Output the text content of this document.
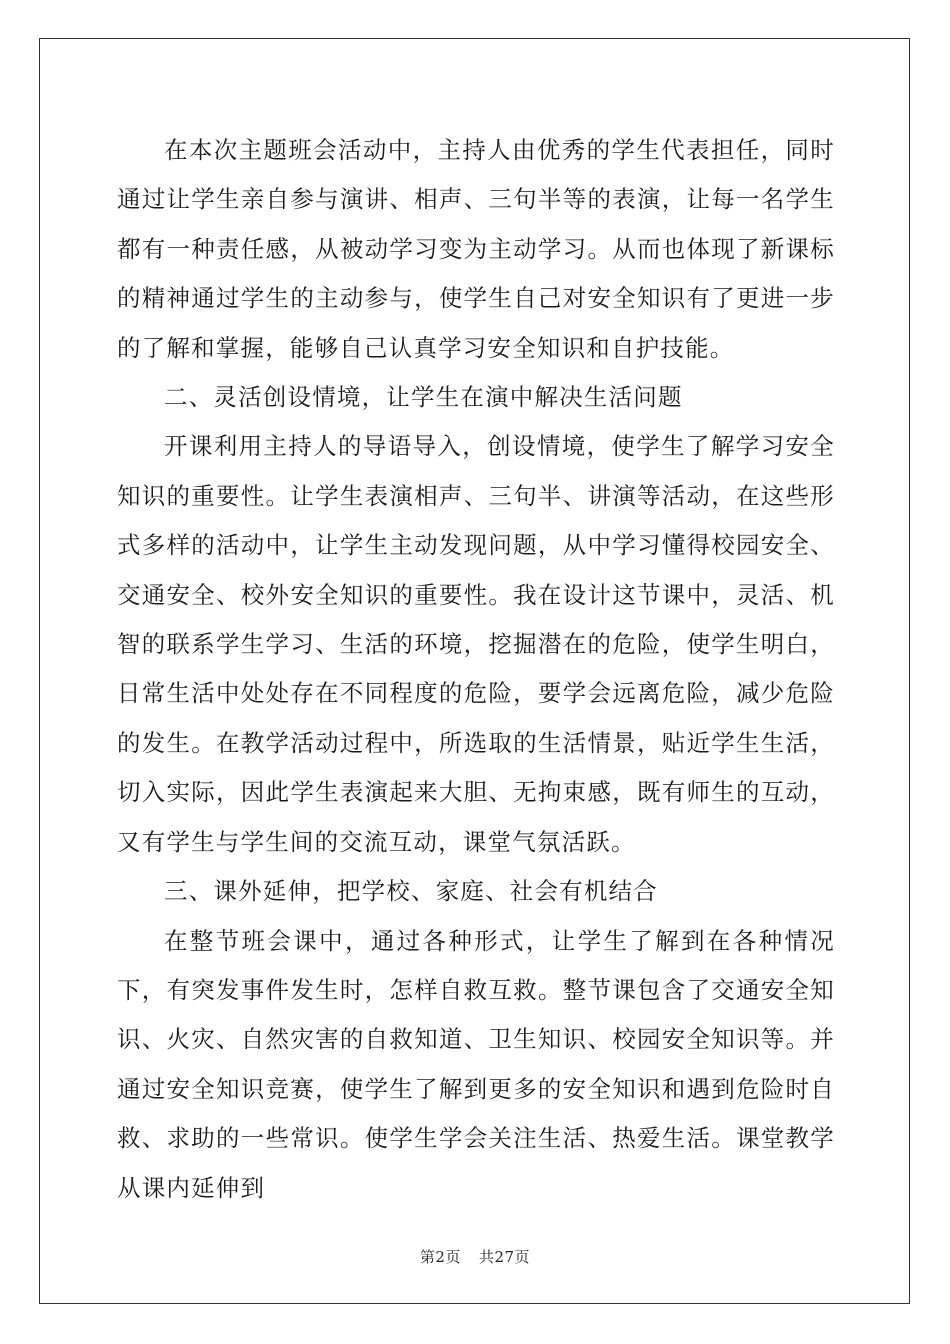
在本次主题班会活动中，主持人由优秀的学生代表担任，同时通过让学生亲自参与演讲、相声、三句半等的表演，让每一名学生都有一种责任感，从被动学习变为主动学习。从而也体现了新课标的精神通过学生的主动参与，使学生自己对安全知识有了更进一步的了解和掌握，能够自己认真学习安全知识和自护技能。

二、灵活创设情境，让学生在演中解决生活问题

开课利用主持人的导语导入，创设情境，使学生了解学习安全知识的重要性。让学生表演相声、三句半、讲演等活动，在这些形式多样的活动中，让学生主动发现问题，从中学习懂得校园安全、交通安全、校外安全知识的重要性。我在设计这节课中，灵活、机智的联系学生学习、生活的环境，挖掘潜在的危险，使学生明白，日常生活中处处存在不同程度的危险，要学会远离危险，减少危险的发生。在教学活动过程中，所选取的生活情景，贴近学生生活，切入实际，因此学生表演起来大胆、无拘束感，既有师生的互动，又有学生与学生间的交流互动，课堂气氛活跃。

三、课外延伸，把学校、家庭、社会有机结合

在整节班会课中，通过各种形式，让学生了解到在各种情况下，有突发事件发生时，怎样自救互救。整节课包含了交通安全知识、火灾、自然灾害的自救知道、卫生知识、校园安全知识等。并通过安全知识竞赛，使学生了解到更多的安全知识和遇到危险时自救、求助的一些常识。使学生学会关注生活、热爱生活。课堂教学从课内延伸到

第2页 共27页
